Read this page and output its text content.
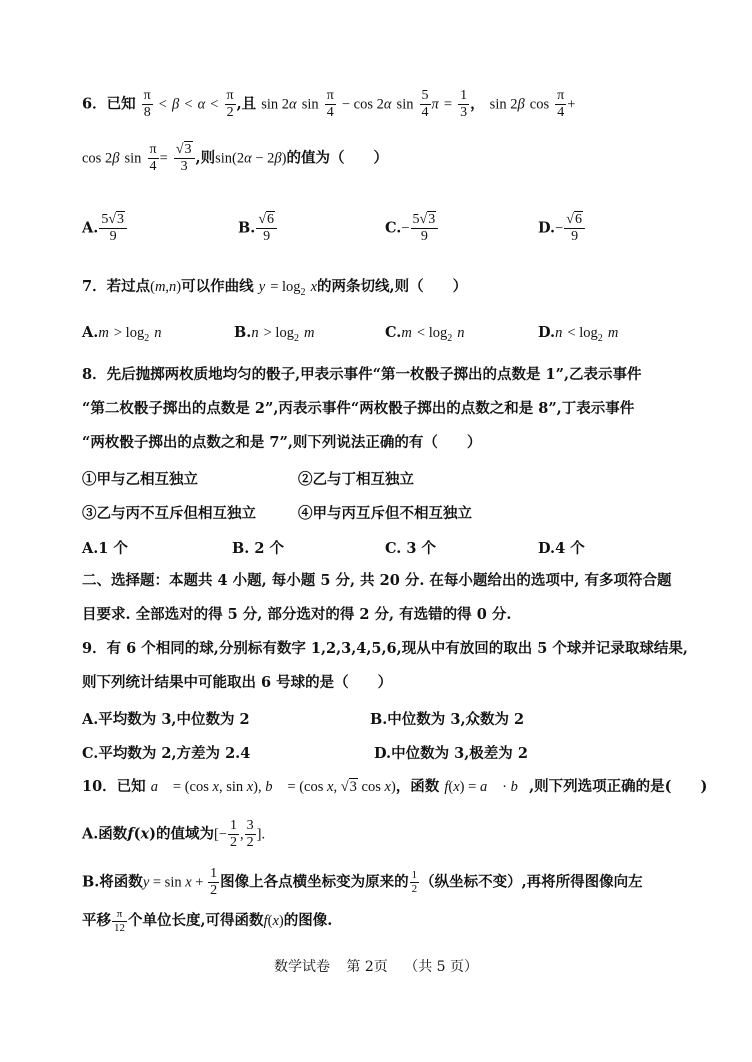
6．已知 $\frac{\pi}{8} < \beta < \alpha < \frac{\pi}{2}$ ,且 sin 2α $\sin \frac{\pi}{4} - \cos 2\alpha$ $\sin \frac{5}{4}$ $\pi = \frac{1}{3}$ ， sin 2β $\cos \frac{\pi}{4}$ +
cos 2β $\sin \frac{\pi}{4} = \frac{√3}{3}$ ,则sin(2α − 2β)的值为（　　）
A. $\frac{5√3}{9}$	B. $\frac{√6}{9}$	$C.- \frac{5√3}{9}$	$D.- \frac{√6}{9}$
7．若过点(m,n)可以作曲线 $y = \log_2 x$的两条切线,则（　　）
$A.m > \log_2 n$	$B.n > \log_2 m$	$C.m < \log_2 n$	$D.n < \log_2 m$
8．先后抛掷两枚质地均匀的骰子,甲表示事件“第一枚骰子掷出的点数是 1”,乙表示事件
“第二枚骰子掷出的点数是 2”,丙表示事件“两枚骰子掷出的点数之和是 8”,丁表示事件
“两枚骰子掷出的点数之和是 7”,则下列说法正确的有（　　）
①甲与乙相互独立	②乙与丁相互独立
③乙与丙不互斥但相互独立	④甲与丙互斥但不相互独立
A.1 个	B. 2 个	C. 3 个	D.4 个
二、选择题：本题共 4 小题, 每小题 5 分, 共 20 分. 在每小题给出的选项中, 有多项符合题
目要求. 全部选对的得 5 分, 部分选对的得 2 分, 有选错的得 0 分.
9．有 6 个相同的球,分别标有数字 1,2,3,4,5,6,现从中有放回的取出 5 个球并记录取球结果,
则下列统计结果中可能取出 6 号球的是（　　）
A.平均数为 3,中位数为 2	B.中位数为 3,众数为 2
C.平均数为 2,方差为 2.4	D.中位数为 3,极差为 2
10．已知 a⃗ = (cos x, sin x), b⃗ = (cos x, √3 cos x)，函数 f(x) = a⃗ · b⃗,则下列选项正确的是(　　)
A.函数f(x)的值域为[− $\frac{1}{2}$ , $\frac{3}{2}$ ].
B.将函数$y = \sin x + \frac{1}{2}$ 图像上各点横坐标变为原来的 $\frac{1}{2}$ （纵坐标不变）,再将所得图像向左
平移 $\frac{\pi}{12}$ 个单位长度,可得函数f(x)的图像.
数学试卷 第 2页 （共 5 页）
